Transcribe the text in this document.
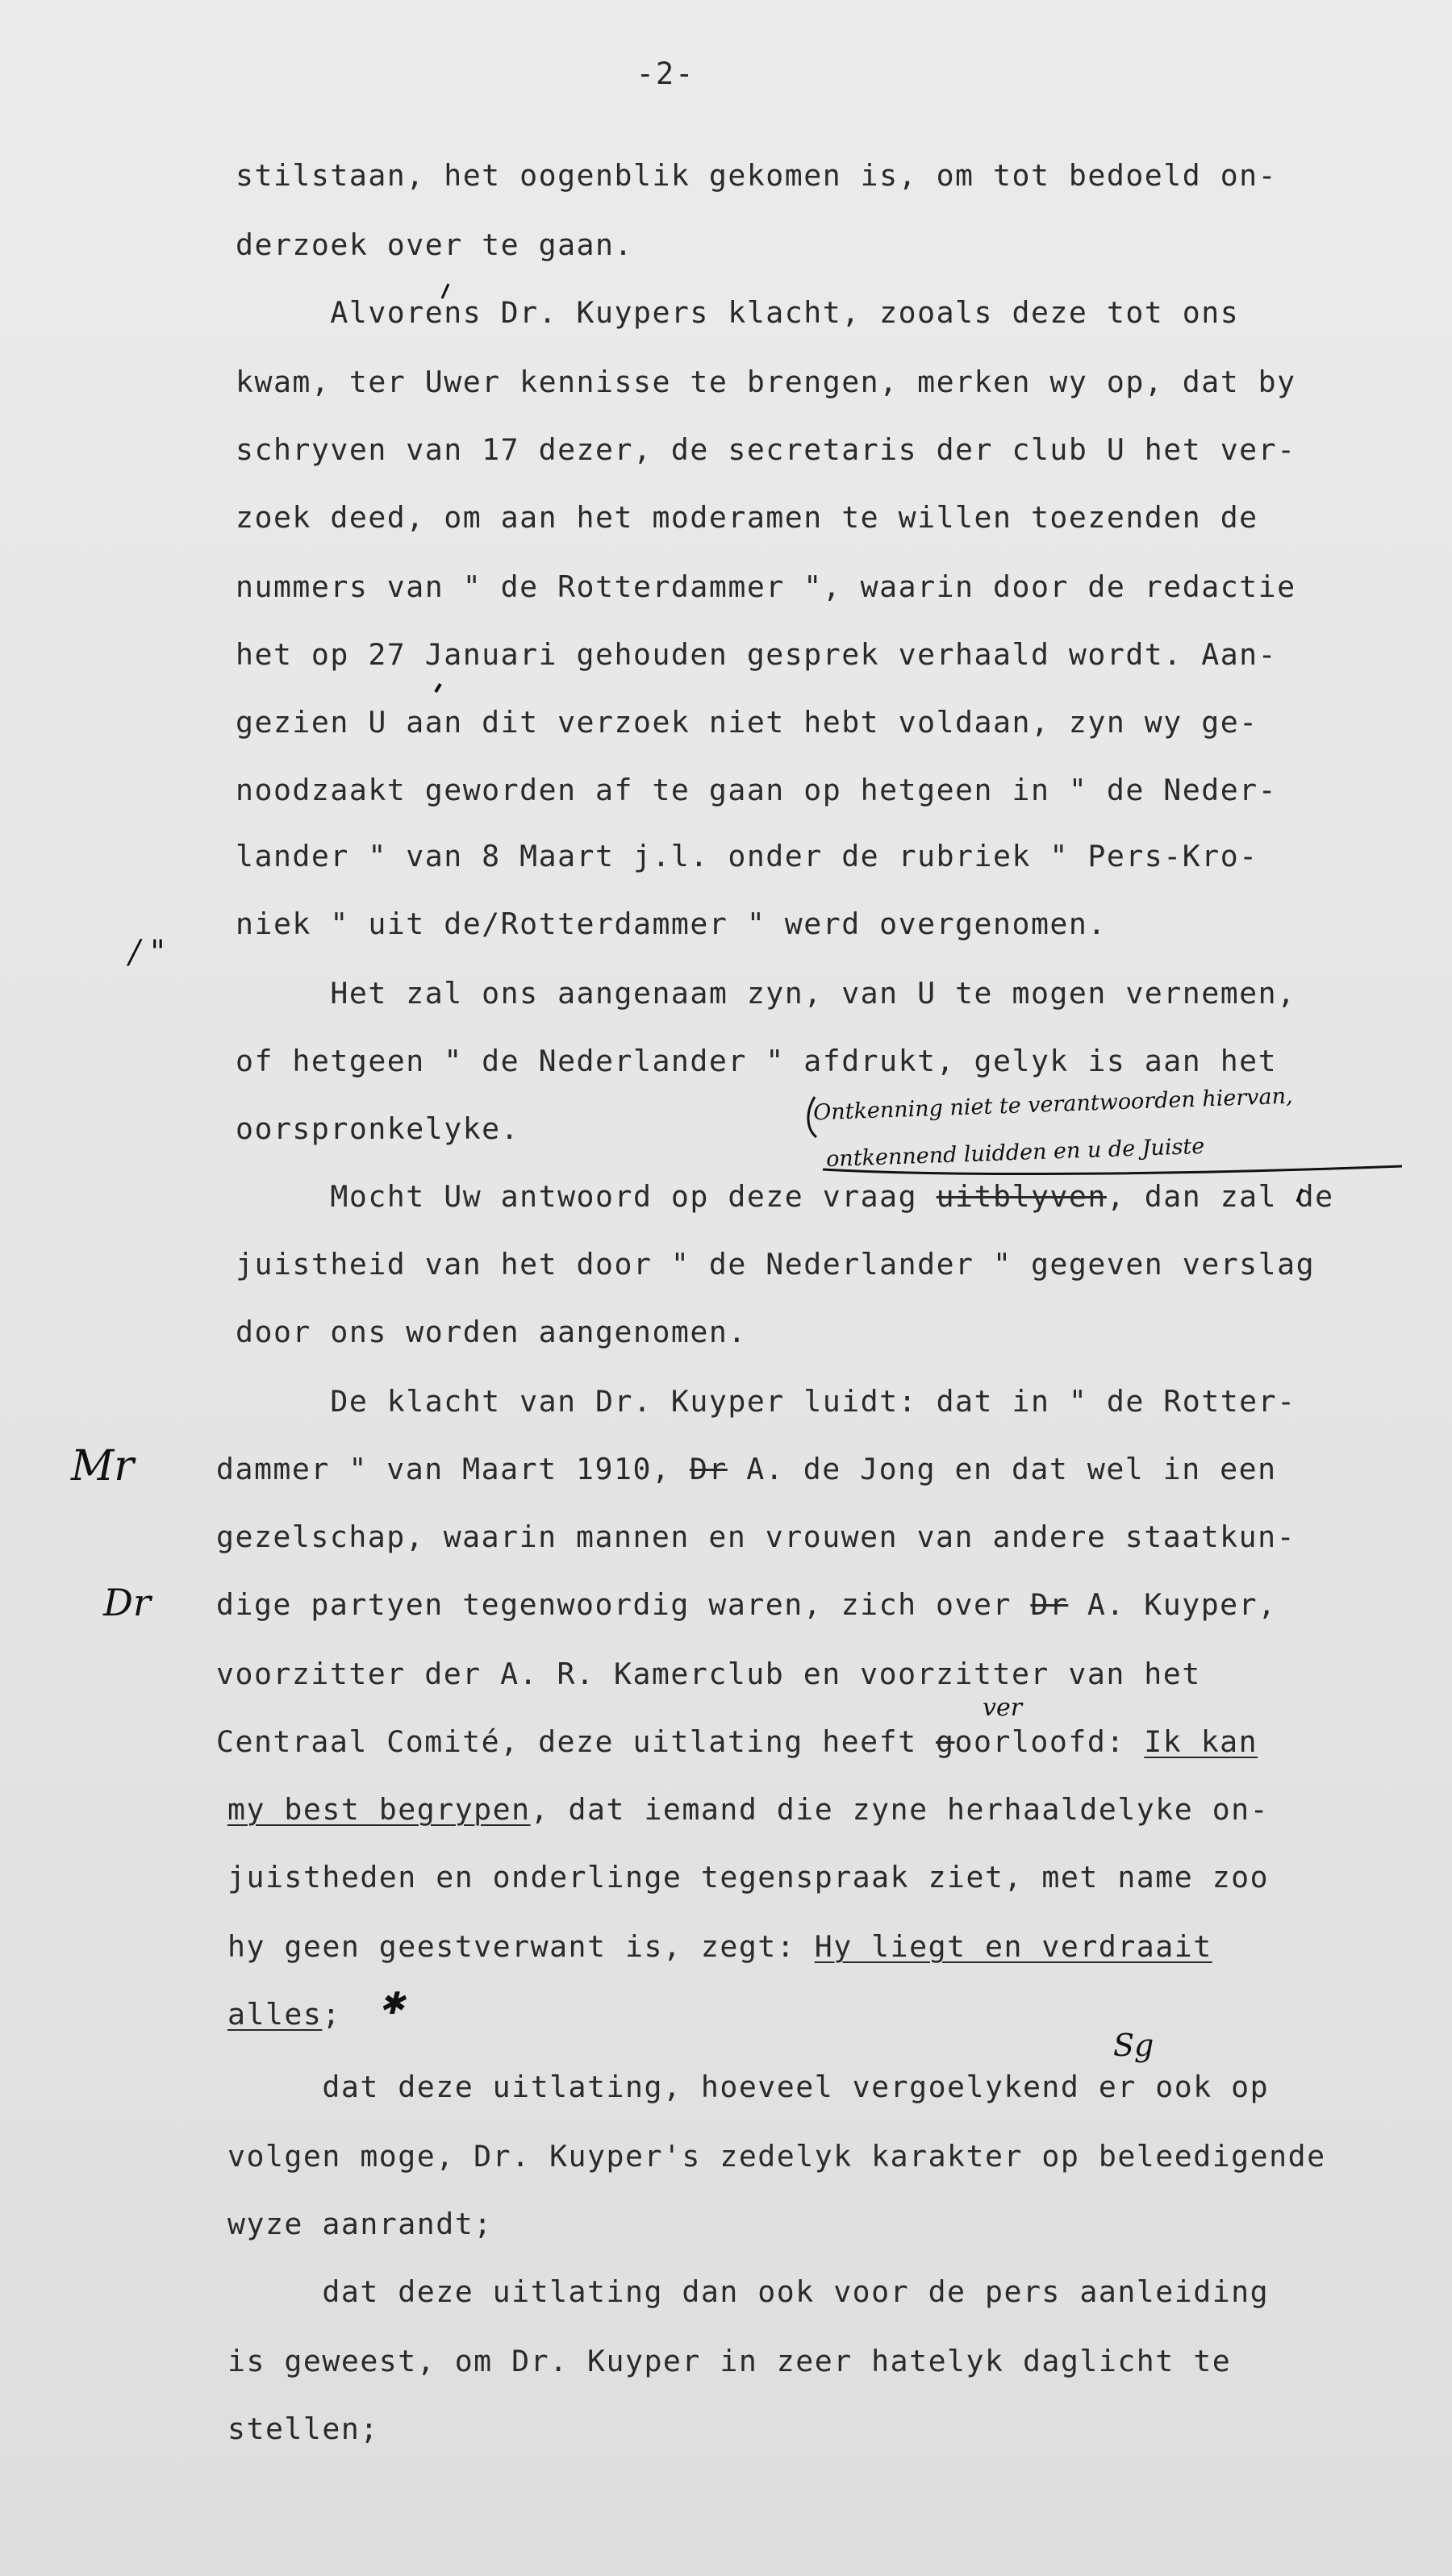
-2-
stilstaan, het oogenblik gekomen is, om tot bedoeld on-
derzoek over te gaan.
Alvorens Dr. Kuypers klacht, zooals deze tot ons
kwam, ter Uwer kennisse te brengen, merken wy op, dat by
schryven van 17 dezer, de secretaris der club U het ver-
zoek deed, om aan het moderamen te willen toezenden de
nummers van " de Rotterdammer ", waarin door de redactie
het op 27 Januari gehouden gesprek verhaald wordt. Aan-
gezien U aan dit verzoek niet hebt voldaan, zyn wy ge-
noodzaakt geworden af te gaan op hetgeen in " de Neder-
lander " van 8 Maart j.l. onder de rubriek " Pers-Kro-
niek " uit de/Rotterdammer " werd overgenomen.
Het zal ons aangenaam zyn, van U te mogen vernemen,
of hetgeen " de Nederlander " afdrukt, gelyk is aan het
oorspronkelyke.
Mocht Uw antwoord op deze vraag uitblyven, dan zal de
juistheid van het door " de Nederlander " gegeven verslag
door ons worden aangenomen.
De klacht van Dr. Kuyper luidt: dat in " de Rotter-
dammer " van Maart 1910, Dr A. de Jong en dat wel in een
gezelschap, waarin mannen en vrouwen van andere staatkun-
dige partyen tegenwoordig waren, zich over Dr A. Kuyper,
voorzitter der A. R. Kamerclub en voorzitter van het
Centraal Comité, deze uitlating heeft goorloofd: Ik kan
my best begrypen, dat iemand die zyne herhaaldelyke on-
juistheden en onderlinge tegenspraak ziet, met name zoo
hy geen geestverwant is, zegt: Hy liegt en verdraait
alles;
dat deze uitlating, hoeveel vergoelykend er ook op
volgen moge, Dr. Kuyper's zedelyk karakter op beleedigende
wyze aanrandt;
dat deze uitlating dan ook voor de pers aanleiding
is geweest, om Dr. Kuyper in zeer hatelyk daglicht te
stellen;
/ "
Mr
Dr
Ontkenning niet te verantwoorden hiervan,
ontkennend luidden en u de Juiste
ver
Sg
✱
